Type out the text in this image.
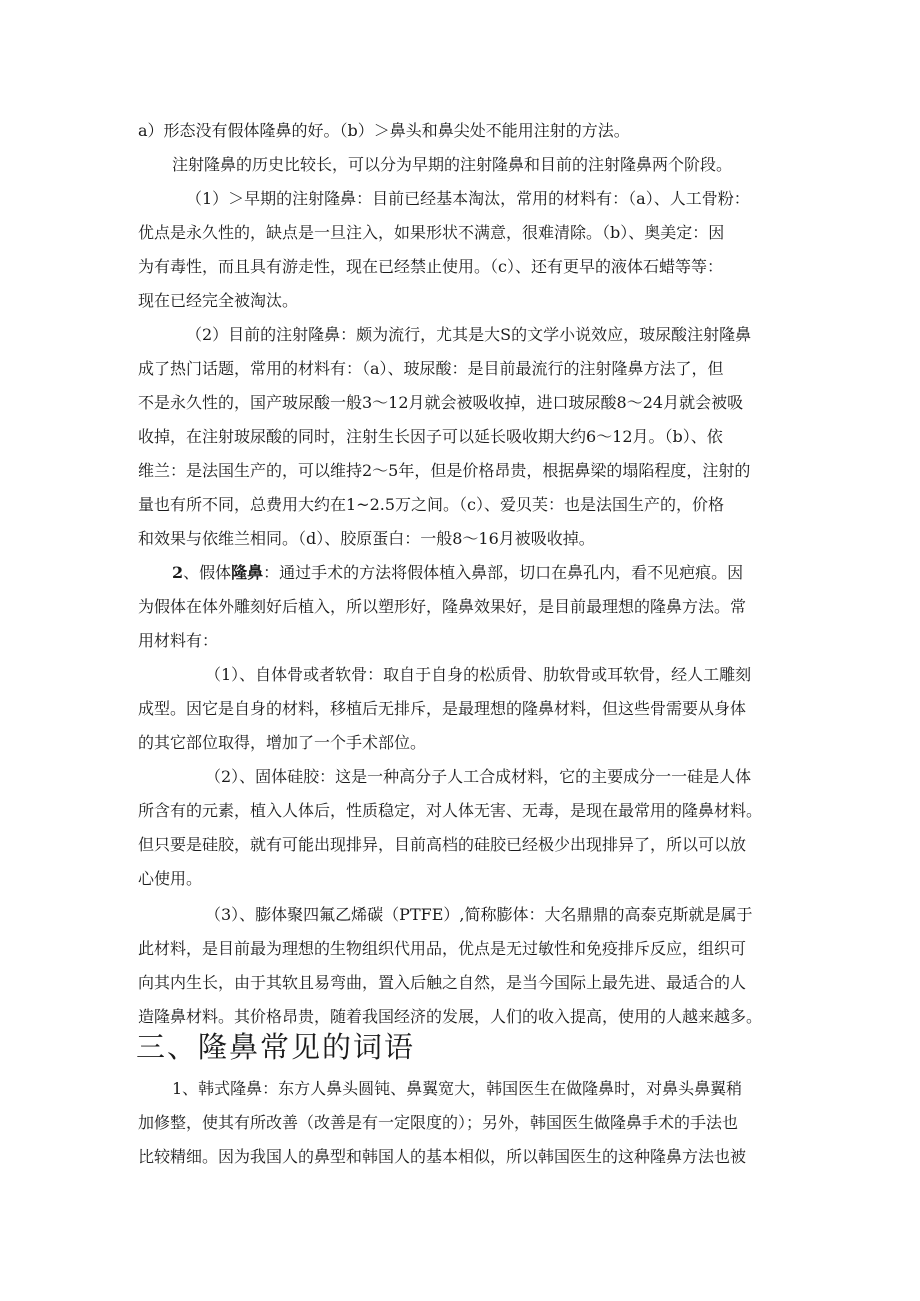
a）形态没有假体隆鼻的好。（b）＞鼻头和鼻尖处不能用注射的方法。
注射隆鼻的历史比较长，可以分为早期的注射隆鼻和目前的注射隆鼻两个阶段。
（1）＞早期的注射隆鼻：目前已经基本淘汰，常用的材料有：（a）、人工骨粉：
优点是永久性的，缺点是一旦注入，如果形状不满意，很难清除。（b）、奥美定：因
为有毒性，而且具有游走性，现在已经禁止使用。（c）、还有更早的液体石蜡等等：
现在已经完全被淘汰。
（2）目前的注射隆鼻：颇为流行，尤其是大S的文学小说效应，玻尿酸注射隆鼻
成了热门话题，常用的材料有：（a）、玻尿酸：是目前最流行的注射隆鼻方法了，但
不是永久性的，国产玻尿酸一般3～12月就会被吸收掉，进口玻尿酸8～24月就会被吸
收掉，在注射玻尿酸的同时，注射生长因子可以延长吸收期大约6～12月。（b）、依
维兰：是法国生产的，可以维持2～5年，但是价格昂贵，根据鼻梁的塌陷程度，注射的
量也有所不同，总费用大约在1~2.5万之间。（c）、爱贝芙：也是法国生产的，价格
和效果与依维兰相同。（d）、胶原蛋白：一般8～16月被吸收掉。
2、假体隆鼻：通过手术的方法将假体植入鼻部，切口在鼻孔内，看不见疤痕。因
为假体在体外雕刻好后植入，所以塑形好，隆鼻效果好，是目前最理想的隆鼻方法。常
用材料有：
（1）、自体骨或者软骨：取自于自身的松质骨、肋软骨或耳软骨，经人工雕刻
成型。因它是自身的材料，移植后无排斥，是最理想的隆鼻材料，但这些骨需要从身体
的其它部位取得，增加了一个手术部位。
（2）、固体硅胶：这是一种高分子人工合成材料，它的主要成分一一硅是人体
所含有的元素，植入人体后，性质稳定，对人体无害、无毒，是现在最常用的隆鼻材料。
但只要是硅胶，就有可能出现排异，目前高档的硅胶已经极少出现排异了，所以可以放
心使用。
（3）、膨体聚四氟乙烯碳（PTFE）,简称膨体：大名鼎鼎的高泰克斯就是属于
此材料，是目前最为理想的生物组织代用品，优点是无过敏性和免疫排斥反应，组织可
向其内生长，由于其软且易弯曲，置入后触之自然，是当今国际上最先进、最适合的人
造隆鼻材料。其价格昂贵，随着我国经济的发展，人们的收入提高，使用的人越来越多。
三、隆鼻常见的词语
1、韩式隆鼻：东方人鼻头圆钝、鼻翼宽大，韩国医生在做隆鼻时，对鼻头鼻翼稍
加修整，使其有所改善（改善是有一定限度的）；另外，韩国医生做隆鼻手术的手法也
比较精细。因为我国人的鼻型和韩国人的基本相似，所以韩国医生的这种隆鼻方法也被
